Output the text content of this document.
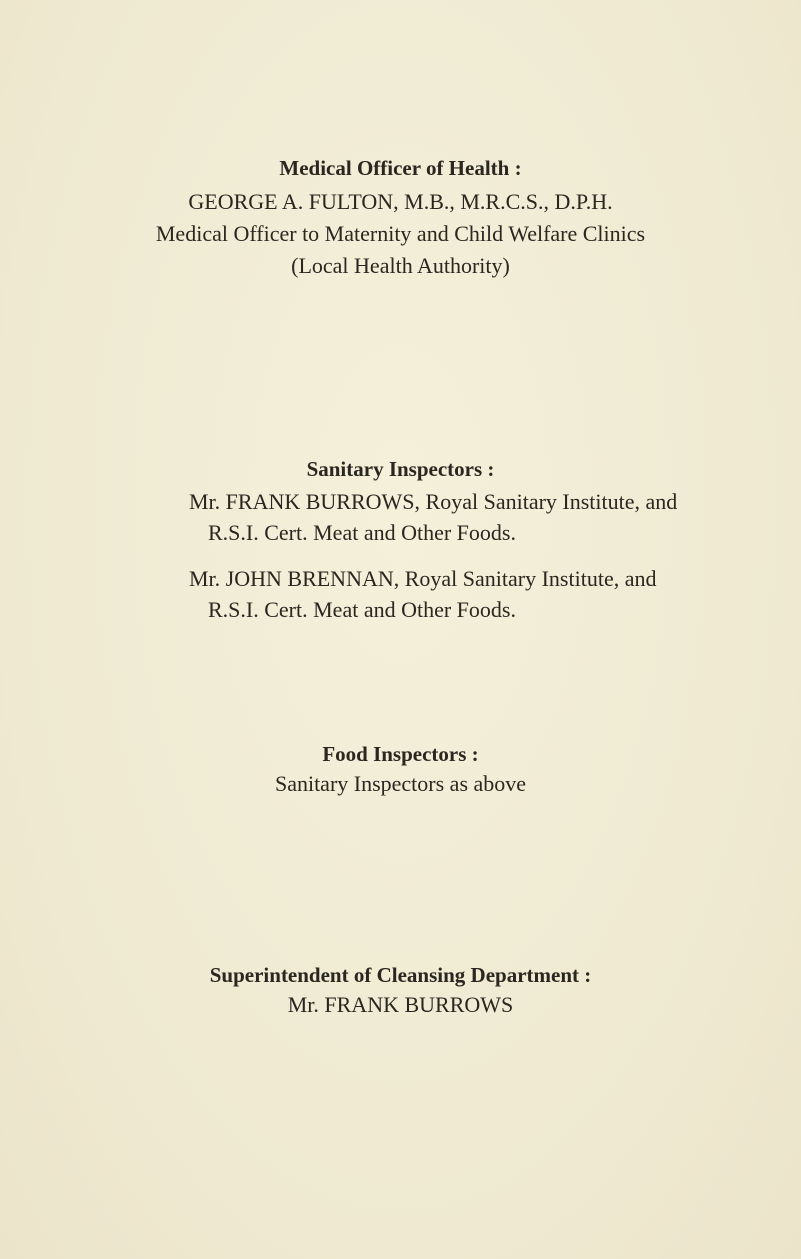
Medical Officer of Health :
GEORGE A. FULTON, M.B., M.R.C.S., D.P.H.
Medical Officer to Maternity and Child Welfare Clinics
(Local Health Authority)
Sanitary Inspectors :
Mr. FRANK BURROWS, Royal Sanitary Institute, and
R.S.I. Cert. Meat and Other Foods.
Mr. JOHN BRENNAN, Royal Sanitary Institute, and
R.S.I. Cert. Meat and Other Foods.
Food Inspectors :
Sanitary Inspectors as above
Superintendent of Cleansing Department :
Mr. FRANK BURROWS
